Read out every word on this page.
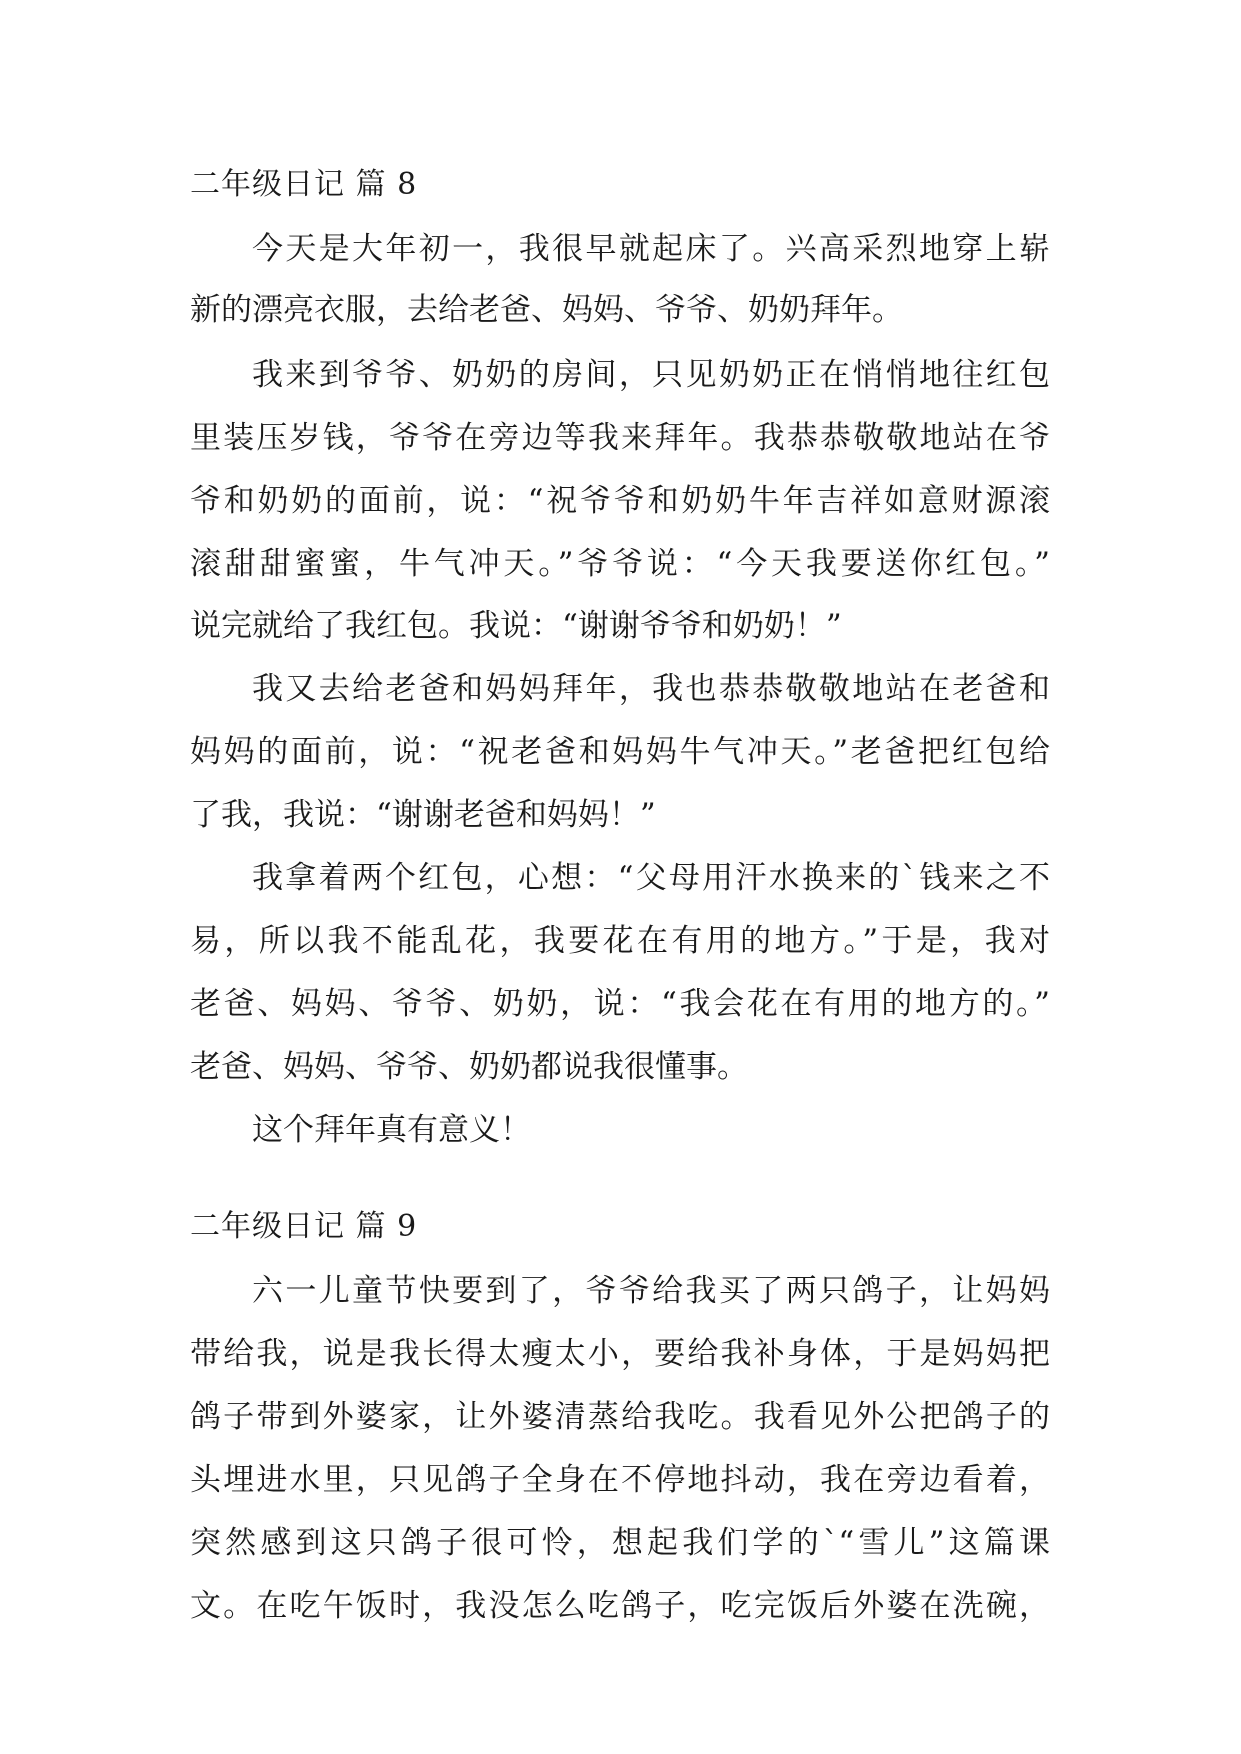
二年级日记 篇 8
今天是大年初一，我很早就起床了。兴高采烈地穿上崭
新的漂亮衣服，去给老爸、妈妈、爷爷、奶奶拜年。
我来到爷爷、奶奶的房间，只见奶奶正在悄悄地往红包
里装压岁钱，爷爷在旁边等我来拜年。我恭恭敬敬地站在爷
爷和奶奶的面前，说：“祝爷爷和奶奶牛年吉祥如意财源滚
滚甜甜蜜蜜，牛气冲天。”爷爷说：“今天我要送你红包。”
说完就给了我红包。我说：“谢谢爷爷和奶奶！”
我又去给老爸和妈妈拜年，我也恭恭敬敬地站在老爸和
妈妈的面前，说：“祝老爸和妈妈牛气冲天。”老爸把红包给
了我，我说：“谢谢老爸和妈妈！”
我拿着两个红包，心想：“父母用汗水换来的`钱来之不
易，所以我不能乱花，我要花在有用的地方。”于是，我对
老爸、妈妈、爷爷、奶奶，说：“我会花在有用的地方的。”
老爸、妈妈、爷爷、奶奶都说我很懂事。
这个拜年真有意义！
二年级日记 篇 9
六一儿童节快要到了，爷爷给我买了两只鸽子，让妈妈
带给我，说是我长得太瘦太小，要给我补身体，于是妈妈把
鸽子带到外婆家，让外婆清蒸给我吃。我看见外公把鸽子的
头埋进水里，只见鸽子全身在不停地抖动，我在旁边看着，
突然感到这只鸽子很可怜，想起我们学的`“雪儿”这篇课
文。在吃午饭时，我没怎么吃鸽子，吃完饭后外婆在洗碗，
